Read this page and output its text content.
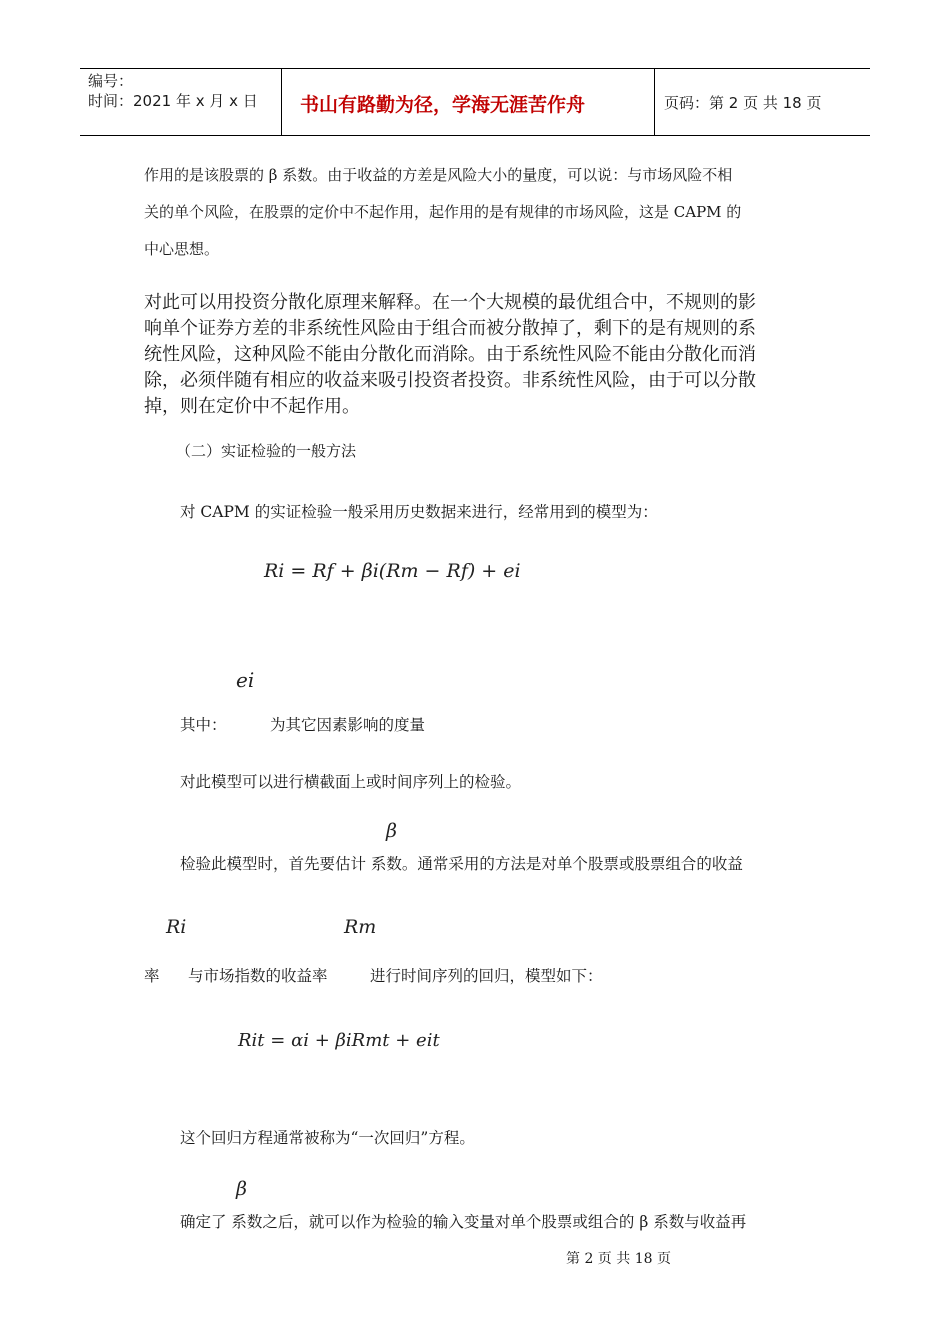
编号：
时间：2021 年 x 月 x 日 书山有路勤为径，学海无涯苦作舟	页码：第 2 页 共 18 页
作用的是该股票的 β 系数。由于收益的方差是风险大小的量度，可以说：与市场风险不相
关的单个风险，在股票的定价中不起作用，起作用的是有规律的市场风险，这是 CAPM 的
中心思想。
对此可以用投资分散化原理来解释。在一个大规模的最优组合中，不规则的影
响单个证券方差的非系统性风险由于组合而被分散掉了，剩下的是有规则的系
统性风险，这种风险不能由分散化而消除。由于系统性风险不能由分散化而消
除，必须伴随有相应的收益来吸引投资者投资。非系统性风险，由于可以分散
掉，则在定价中不起作用。
（二）实证检验的一般方法
对 CAPM 的实证检验一般采用历史数据来进行，经常用到的模型为：
Ri = Rf + βi(Rm − Rf) + ei
ei
其中：	为其它因素影响的度量
对此模型可以进行横截面上或时间序列上的检验。
β
检验此模型时，首先要估计 系数。通常采用的方法是对单个股票或股票组合的收益
Ri	Rm
率 与市场指数的收益率	进行时间序列的回归，模型如下：
Rit = αi + βiRmt + eit
这个回归方程通常被称为“一次回归”方程。
β
确定了 系数之后，就可以作为检验的输入变量对单个股票或组合的 β 系数与收益再
第 2 页 共 18 页
